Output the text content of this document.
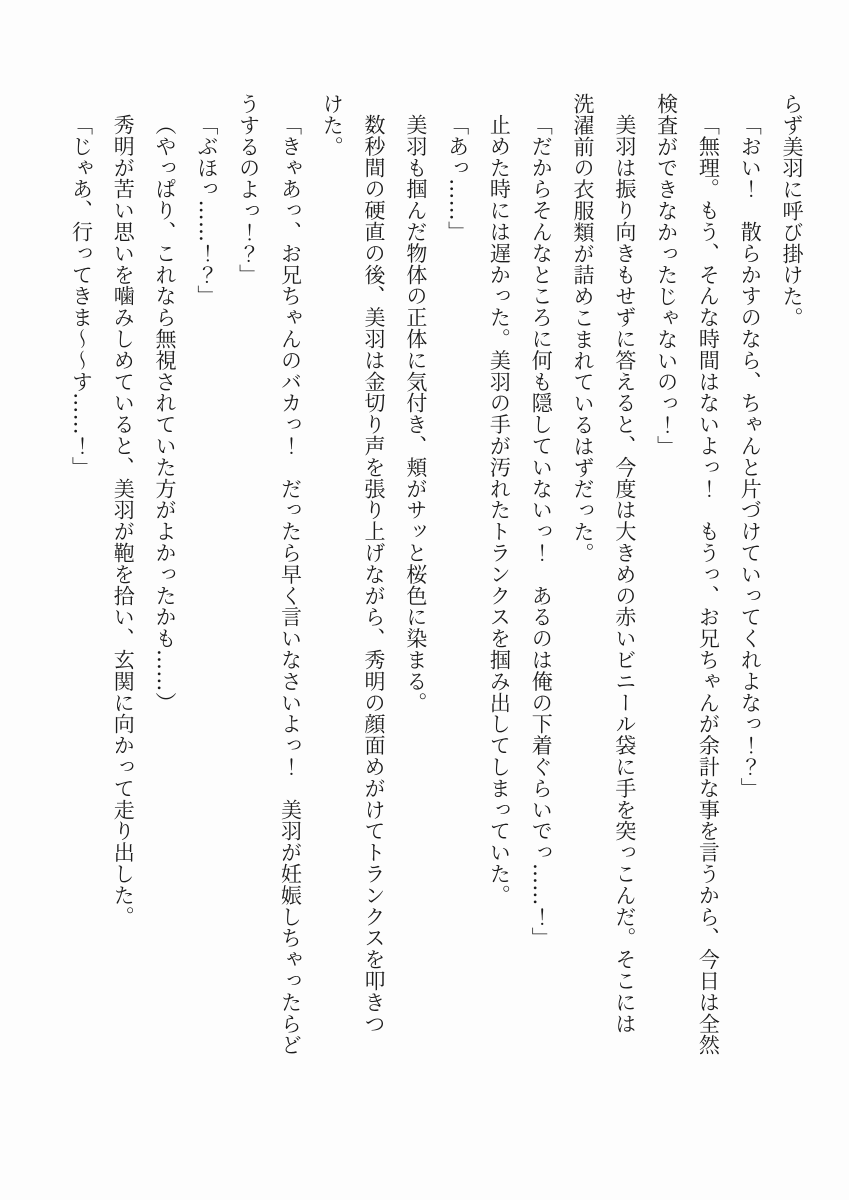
らず美羽に呼び掛けた。

「おい！　散らかすのなら、ちゃんと片づけていってくれよなっ！？」

「無理。もう、そんな時間はないよっ！　もうっ、お兄ちゃんが余計な事を言うから、今日は全然

検査ができなかったじゃないのっ！」

美羽は振り向きもせずに答えると、今度は大きめの赤いビニール袋に手を突っこんだ。そこには

洗濯前の衣服類が詰めこまれているはずだった。

「だからそんなところに何も隠していないっ！　あるのは俺の下着ぐらいでっ……！」

止めた時には遅かった。美羽の手が汚れたトランクスを掴み出してしまっていた。

「あっ……」

美羽も掴んだ物体の正体に気付き、頬がサッと桜色に染まる。

数秒間の硬直の後、美羽は金切り声を張り上げながら、秀明の顔面めがけてトランクスを叩きつ

けた。

「きゃあっ、お兄ちゃんのバカっ！　だったら早く言いなさいよっ！　美羽が妊娠しちゃったらど

うするのよっ！？」

「ぶほっ……！？」

（やっぱり、これなら無視されていた方がよかったかも……）

秀明が苦い思いを噛みしめていると、美羽が鞄を拾い、玄関に向かって走り出した。

「じゃあ、行ってきま〜〜す……！」
